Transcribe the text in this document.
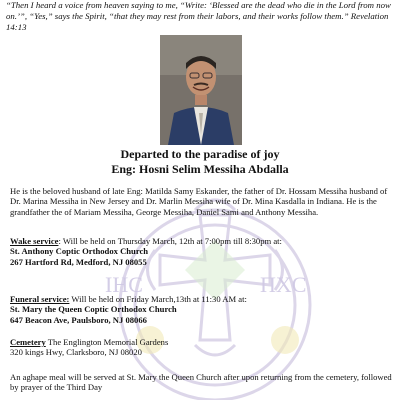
IHC	ΠXC
“Then I heard a voice from heaven saying to me, “Write: ‘Blessed are the dead who die in the Lord from now on.’”, “Yes,” says the Spirit, “that they may rest from their labors, and their works follow them.” Revelation 14:13
Departed to the paradise of joy
Eng: Hosni Selim Messiha Abdalla
He is the beloved husband of late Eng: Matilda Samy Eskander, the father of Dr. Hossam Messiha husband of Dr. Marina Messiha in New Jersey and Dr. Marlin Messiha wife of Dr. Mina Kasdalla in Indiana. He is the grandfather the of Mariam Messiha, George Messiha, Daniel Sami and Anthony Messiha.
Wake service: Will be held on Thursday March, 12th at 7:00pm till 8:30pm at:
St. Anthony Coptic Orthodox Church
267 Hartford Rd, Medford, NJ 08055
Funeral service: Will be held on Friday March,13th at 11:30 AM at:
St. Mary the Queen Coptic Orthodox Church
647 Beacon Ave, Paulsboro, NJ 08066
Cemetery The Englington Memorial Gardens
320 kings Hwy, Clarksboro, NJ 08020
An aghape meal will be served at St. Mary the Queen Church after upon returning from the cemetery, followed by prayer of the Third Day
